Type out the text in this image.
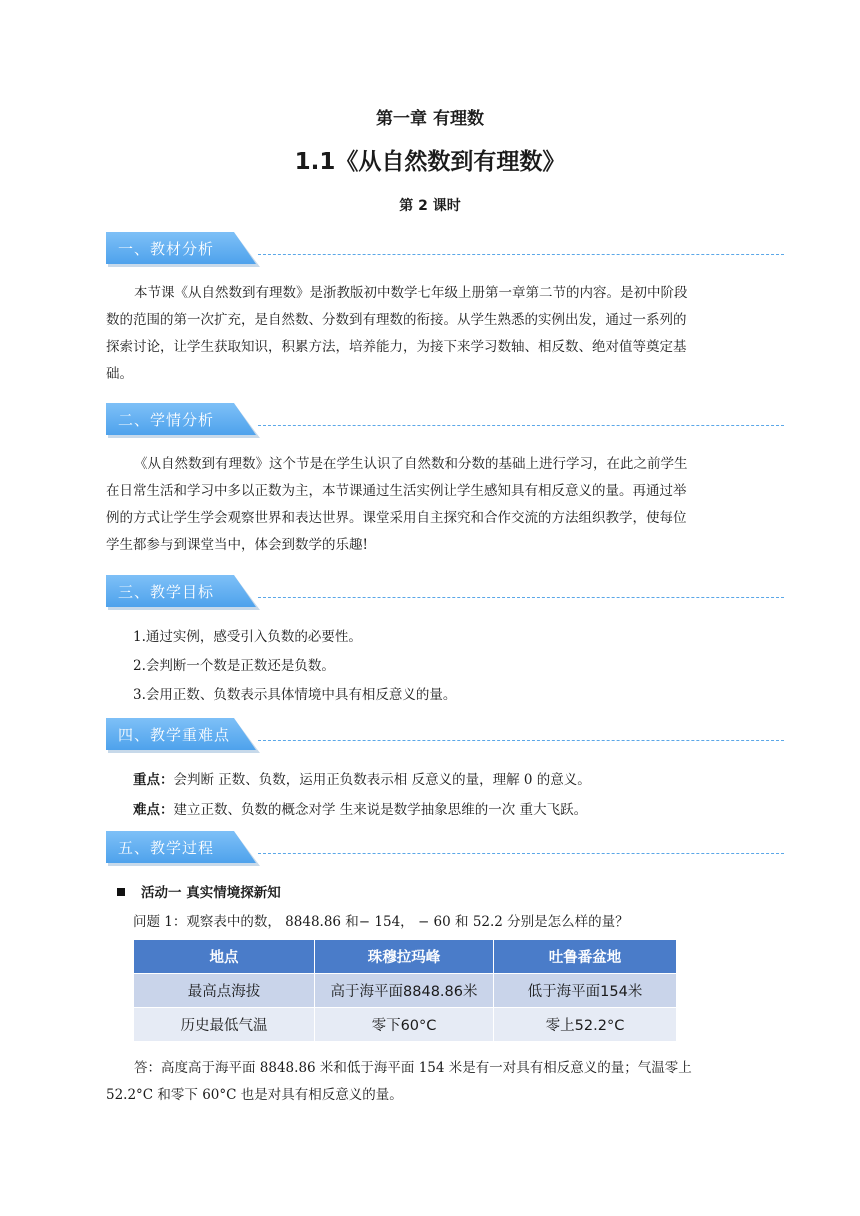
第一章 有理数
1.1《从自然数到有理数》
第 2 课时
一、教材分析
本节课《从自然数到有理数》是浙教版初中数学七年级上册第一章第二节的内容。是初中阶段
数的范围的第一次扩充，是自然数、分数到有理数的衔接。从学生熟悉的实例出发，通过一系列的
探索讨论，让学生获取知识，积累方法，培养能力，为接下来学习数轴、相反数、绝对值等奠定基
础。
二、学情分析
《从自然数到有理数》这个节是在学生认识了自然数和分数的基础上进行学习，在此之前学生
在日常生活和学习中多以正数为主，本节课通过生活实例让学生感知具有相反意义的量。再通过举
例的方式让学生学会观察世界和表达世界。课堂采用自主探究和合作交流的方法组织教学，使每位
学生都参与到课堂当中，体会到数学的乐趣!
三、教学目标
1.通过实例，感受引入负数的必要性。
2.会判断一个数是正数还是负数。
3.会用正数、负数表示具体情境中具有相反意义的量。
四、教学重难点
重点：会判断 正数、负数，运用正负数表示相 反意义的量，理解 0 的意义。
难点：建立正数、负数的概念对学 生来说是数学抽象思维的一次 重大飞跃。
五、教学过程
活动一 真实情境探新知
问题 1：观察表中的数， 8848.86 和− 154， − 60 和 52.2 分别是怎么样的量？
地点	珠穆拉玛峰	吐鲁番盆地
最高点海拔	高于海平面8848.86米	低于海平面154米
历史最低气温	零下60°C	零上52.2°C
答：高度高于海平面 8848.86 米和低于海平面 154 米是有一对具有相反意义的量；气温零上
52.2°C 和零下 60°C 也是对具有相反意义的量。
